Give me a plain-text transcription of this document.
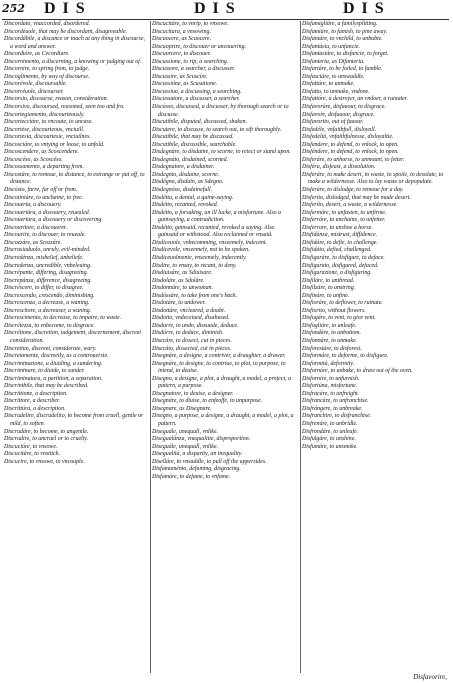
252 DIS	DIS	DIS

Discordato, vnaccorded, disordered.

Discordéuole, that may be discordant, disagreeable.

Discordábile, a discance or touch at any thing in discourse, a word and answer.

Discordióre, as Cecordiare.

Discornimento, a discerning, a knowing or judging out of.

Discornire, to spring from, to judge.

Discoglimento, by way of discourse.

Discorévole, discoursable.

Discorréuole, discourser.

Discorsio, discourse, reason, consideration.

Discorsivo, discoursed, reasoned, seen too and fro.

Discortegiamento, discourteously.

Discortecciáre, to vncoate, to uncase.

Discortése, discourteous, vnciuill.

Discortesia, discourtesie, vnciuilnes.

Discosciáre, to vntying or loose, to unfold.

Discoscendere, as Scoscendere.

Discoscéso, as Scoscéso.

Discossamento, a departing from.

Discostáre, to remoue, to distance, to estrange or put off, to distance.

Discósto, farre, far off or from.

Discotiniáre, to unchaine, to free.

Discouerta, a discouery.

Discouertúra, a discouery, reuealed.

Discouertura, a discouery or discovering.

Discouritore, a discouerer.

Discourire, to discouer, to reueale.

Discozzáre, as Scozzáre.

Discrasiaduolo, unruly, evil-minded.

Discredénza, misbelief, unbeliefe.

Discredenza, uncredible, vnbeleuing.

Discrépante, differing, disagreeing.

Discrepánza, difference, disagreeing.

Discréscere, to differ, to disagree.

Discrescendo, crescendo, diminishing.

Discrescenza, a decrease, a waning.

Discrescitore, a decreaser, a waning.

Discrescimento, to decrease, to impaire, to waste.

Discrétezza, to vnbecome, to disgrace.

Discrétione, discretion, iudgement, discernement, discreet consideration.

Discretiuo, discreet, considerate, wary.

Discretamente, discreetly, as a controuersie.

Discriminazione, a diuiding, a sundering.

Discriminare, to diuide, to sunder.

Discriminatura, a partition, a separation.

Discrinibile, that may be described.

Discrittione, a description.

Discrittore, a describer.

Discrittúra, a description.

Discrudelire, discrudelito, to become from cruell, gentle or mild, to soften.

Discrudáre, to become, to ungentle.

Discrudire, to uncruel or to cruelty.

Discuciáre, to vnsowe.

Discucitáre, to vnstitch.

Discucire, to vnsowe, to vncouple.

Discucitáre, to vnrip, to vnsowe.

Discucitura, a vnsowing.

Discuocere, as Scuocere.

Discuoprire, to discouer or uncouering.

Discuorcere, to discouer.

Discussione, to rip, a searching.

Discussore, a searcher, a discusser.

Discussíre, as Scuscíre.

Discussióne, as Scusatione.

Discussiuo, a discussing, a searching.

Discussatore, a discusser, a searcher.

Discússo, discussed, a discusser, by thorough search or to discusse.

Discutibile, disputed, discussed, shaken.

Discutere, to discusse, to search out, to sift thoroughly.

Discutibile, that may be discussed.

Discutibile, discussible, searchable.

Disdegnáre, to disdaine, to scorne, to reiect or stand upon.

Disdegnáto, disdained, scorned.

Disdegnatore, a disdainer.

Disdegnio, disdaine, scorne.

Disdégno, disdain, as Sdegno.

Disdegnóso, disdainefull.

Disdétta, a denial, a gaine-saying.

Disdétto, recanted, revoked.

Disdétto, a forsaking, an ill lucke, a misfortune. Also a gainsaying, a contradiction.

Disdétto, gainsaid, recanted, revoked a saying. Also gainsaid or withstood. Also reclaimed or vnsaid.

Disdiceuole, vnbecomming, vnseemely, indecent.

Disdicevole, vnseemely, not to be spoken.

Disdiceuolmente, vnseemely, indecently.

Disdire, to vnsay, to recant, to deny.

Disdiuisáre, as Sdiuisare.

Disdoláre, as Sdoláre.

Disdonnáre, to unwoman.

Disdóssáre, to take from one's back.

Disdotáre, to undower.

Disdottáre, vncleared, a doubt.

Disdotto, vndeceiued, disabused.

Disdurre, to undo, dissuade, deduce.

Disdúrre, to deduce, diminish.

Disecáre, to dissect, cut in pieces.

Disecáto, dissected, cut in pieces.

Disegnáre, a designe, a contriver, a draughter, a drawer.

Disegnáre, to designe, to contriue, to plot, to purpose, to intend, to deuise.

Disegno, a designe, a plot, a draught, a model, a project, a pattern, a purpose.

Disegnatore, to deuise, a designer.

Disegnáre, to diuise, to enfeoffe, to unpurpose.

Disegnare, as Disegnare.

Disegno, a purpose, a designe, a draught, a model, a plot, a pattern.

Diseguále, unequall, vnlike.

Disegualánza, vnequalitie, disproportion.

Diseguále, unequall, vnlike.

Disegualità, a disparity, an inequality.

Diselláre, to vnsaddle, to pull off the uppersides.

Disfamaménto, defaming, disgracing.

Disfamáre, to defame, to vnfame.

Disfamigliáre, a familysplitting.

Disfamiáre, to famish, to pine away.

Disfantáre, to vnchild, to unbabie.

Disfantásia, to unfancie.

Disfantasiáre, to disfancie, to forget.

Disfanteria, as Difanteria.

Disfartáre, to be foiled, to fumble.

Disfasciáre, to unswaddle.

Disfattáre, to unmake.

Disfatto, to unmake, vndone.

Disfattóre, a destroyer, an vndoer, a ruinater.

Disfavoráre, disfauour, to disgrace.

Disfavore, disfauour, disgrace.

Disfavorito, out of fauour.

Disfedéle, vnfaithfull, disloyall.

Disfedeltà, vnfaithfulnesse, disloyaltie.

Disfendere, to defend, to vnlock, to open.

Disféndere, to defend, to vnlock, to open.

Disferáre, to unhorse, to unmount, to fetter.

Disféra, disfeast, a dissolution.

Disferáre, to make desert, to waste, to spoile, to desolate, to make a wildernesse. Also to lay waste or depopulate.

Disferáre, to dislodge, to remoue for a day.

Disferíto, dislodged, that may be made desert.

Disferíto, desert, a waste, a wildernesse.

Disfermáre, to unfasten, to unfirme.

Disferráre, to unchaine, to unfetter.

Disferrare, to unshoe a horse.

Disfidánza, mistrust, diffidence.

Disfidáre, to defie, to challenge.

Disfidáto, defied, challenged.

Disfiguráre, to disfigure, to deface.

Disfigurato, disfigured, defaced.

Disfigurazione, a disfiguring.

Disfiláre, to unthread.

Disfilzáre, to unstring.

Disfináre, to unfine.

Disfioráre, to deflower, to ruinate.

Disfiorito, without flowers.

Disfogáre, to vent, to give vent.

Disfogliáre, to unleafe.

Disfondáre, to unbottom.

Disfonnáre, to unmake.

Disforestáre, to disforest.

Disformáre, to deforme, to disfigure.

Disformità, deformity.

Disfornáre, to unbake, to draw out of the oven.

Disfornire, to unfurnish.

Disfortúna, misfortune.

Disfracáre, to unfreight.

Disfrancáre, to unfranchise.

Disfrángere, to unbreake.

Disfranchire, to disfranchise.

Disfrenáre, to unbridle.

Disfrondáre, to unleafe.

Disfulgáre, to unshine.

Disfumáre, to unsmoke.

Disfavorire,
